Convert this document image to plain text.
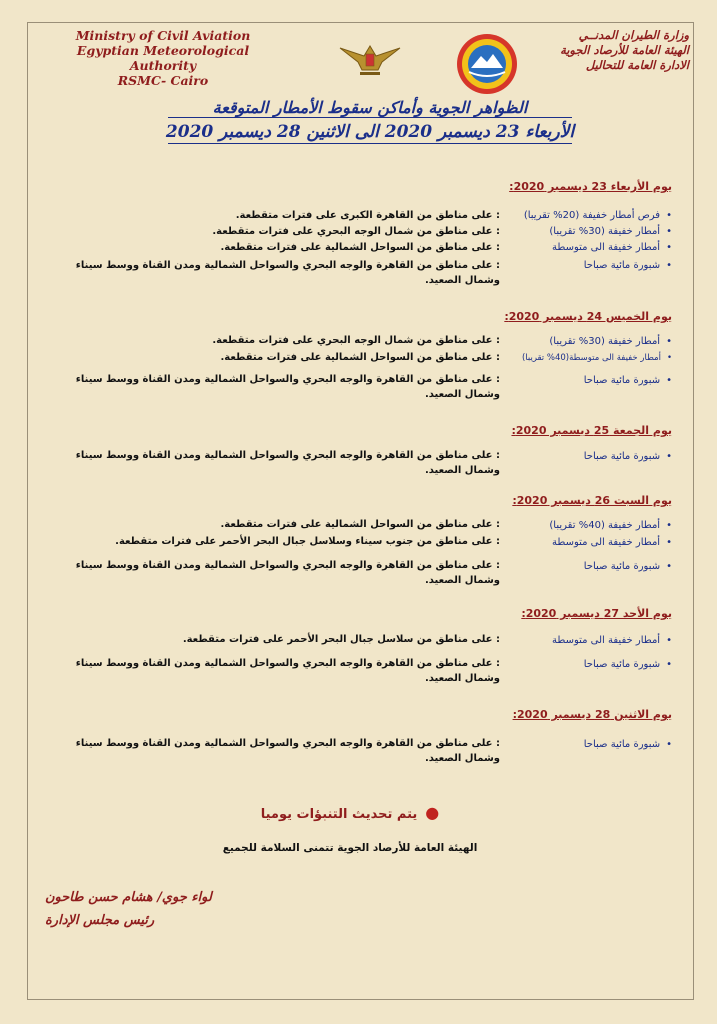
Ministry of Civil Aviation
Egyptian Meteorological Authority
RSMC- Cairo
وزارة الطيران المدنــي
الهيئة العامة للأرصاد الجوية
الادارة العامة للتحاليل
الظواهر الجوية وأماكن سقوط الأمطار المتوقعة
الأربعاء 23 ديسمبر 2020 الى الاثنين 28 ديسمبر 2020
يوم الأربعاء 23 ديسمبر 2020:
•فرص أمطار خفيفة (20% تقريبا)
: على مناطق من القاهرة الكبرى على فترات متقطعة.
•أمطار خفيفة (30% تقريبا)
: على مناطق من شمال الوجه البحري على فترات متقطعة.
•أمطار خفيفة الى متوسطة
: على مناطق من السواحل الشمالية على فترات متقطعة.
•شبورة مائية صباحا
: على مناطق من القاهرة والوجه البحري والسواحل الشمالية ومدن القناة ووسط سيناء وشمال الصعيد.
يوم الخميس 24 ديسمبر 2020:
•أمطار خفيفة (30% تقريبا)
: على مناطق من شمال الوجه البحري على فترات متقطعة.
•أمطار خفيفة الى متوسطة(40% تقريبا)
: على مناطق من السواحل الشمالية على فترات متقطعة.
•شبورة مائية صباحا
: على مناطق من القاهرة والوجه البحري والسواحل الشمالية ومدن القناة ووسط سيناء وشمال الصعيد.
يوم الجمعة 25 ديسمبر 2020:
•شبورة مائية صباحا
: على مناطق من القاهرة والوجه البحري والسواحل الشمالية ومدن القناة ووسط سيناء وشمال الصعيد.
يوم السبت 26 ديسمبر 2020:
•أمطار خفيفة (40% تقريبا)
: على مناطق من السواحل الشمالية على فترات متقطعة.
•أمطار خفيفة الى متوسطة
: على مناطق من جنوب سيناء وسلاسل جبال البحر الأحمر على فترات متقطعة.
•شبورة مائية صباحا
: على مناطق من القاهرة والوجه البحري والسواحل الشمالية ومدن القناة ووسط سيناء وشمال الصعيد.
يوم الأحد 27 ديسمبر 2020:
•أمطار خفيفة الى متوسطة
: على مناطق من سلاسل جبال البحر الأحمر على فترات متقطعة.
•شبورة مائية صباحا
: على مناطق من القاهرة والوجه البحري والسواحل الشمالية ومدن القناة ووسط سيناء وشمال الصعيد.
يوم الاثنين 28 ديسمبر 2020:
•شبورة مائية صباحا
: على مناطق من القاهرة والوجه البحري والسواحل الشمالية ومدن القناة ووسط سيناء وشمال الصعيد.
●يتم تحديث التنبؤات يوميا
الهيئة العامة للأرصاد الجوية تتمنى السلامة للجميع
لواء جوي/ هشام حسن طاحون
رئيس مجلس الإدارة
